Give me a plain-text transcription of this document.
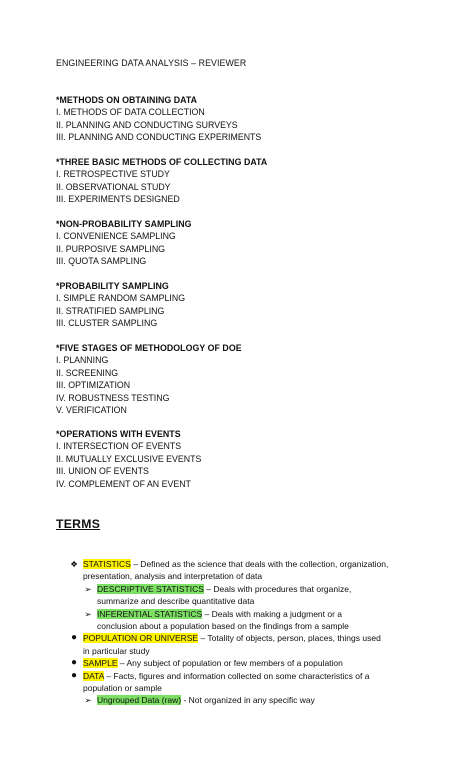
ENGINEERING DATA ANALYSIS – REVIEWER
*METHODS ON OBTAINING DATA
I. METHODS OF DATA COLLECTION
II. PLANNING AND CONDUCTING SURVEYS
III. PLANNING AND CONDUCTING EXPERIMENTS
*THREE BASIC METHODS OF COLLECTING DATA
I. RETROSPECTIVE STUDY
II. OBSERVATIONAL STUDY
III. EXPERIMENTS DESIGNED
*NON-PROBABILITY SAMPLING
I. CONVENIENCE SAMPLING
II. PURPOSIVE SAMPLING
III. QUOTA SAMPLING
*PROBABILITY SAMPLING
I. SIMPLE RANDOM SAMPLING
II. STRATIFIED SAMPLING
III. CLUSTER SAMPLING
*FIVE STAGES OF METHODOLOGY OF DOE
I. PLANNING
II. SCREENING
III. OPTIMIZATION
IV. ROBUSTNESS TESTING
V. VERIFICATION
*OPERATIONS WITH EVENTS
I. INTERSECTION OF EVENTS
II. MUTUALLY EXCLUSIVE EVENTS
III. UNION OF EVENTS
IV. COMPLEMENT OF AN EVENT
TERMS
❖ STATISTICS – Defined as the science that deals with the collection, organization,
presentation, analysis and interpretation of data
➢ DESCRIPTIVE STATISTICS – Deals with procedures that organize,
summarize and describe quantitative data
➢ INFERENTIAL STATISTICS – Deals with making a judgment or a
conclusion about a population based on the findings from a sample
● POPULATION OR UNIVERSE – Totality of objects, person, places, things used
in particular study
● SAMPLE – Any subject of population or few members of a population
● DATA – Facts, figures and information collected on some characteristics of a
population or sample
➢ Ungrouped Data (raw) - Not organized in any specific way
